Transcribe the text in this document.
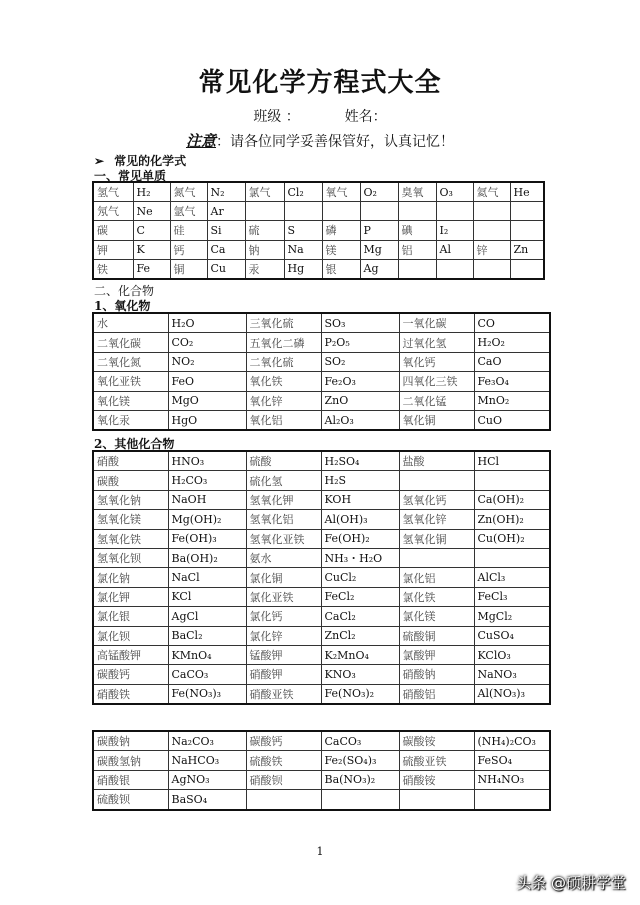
常见化学方程式大全
班级 ：	姓名：
注意：请各位同学妥善保管好，认真记忆！
➢ 常见的化学式
一、常见单质
氢气	H₂	氮气	N₂	氯气	Cl₂	氧气	O₂	臭氧	O₃	氦气	He
氖气	Ne	氩气	Ar								
碳	C	硅	Si	硫	S	磷	P	碘	I₂		
钾	K	钙	Ca	钠	Na	镁	Mg	铝	Al	锌	Zn
铁	Fe	铜	Cu	汞	Hg	银	Ag				
二、化合物
1、氧化物
水	H₂O	三氧化硫	SO₃	一氧化碳	CO
二氧化碳	CO₂	五氧化二磷	P₂O₅	过氧化氢	H₂O₂
二氧化氮	NO₂	二氧化硫	SO₂	氧化钙	CaO
氧化亚铁	FeO	氧化铁	Fe₂O₃	四氧化三铁	Fe₃O₄
氧化镁	MgO	氧化锌	ZnO	二氧化锰	MnO₂
氧化汞	HgO	氧化铝	Al₂O₃	氧化铜	CuO
2、其他化合物
硝酸	HNO₃	硫酸	H₂SO₄	盐酸	HCl
碳酸	H₂CO₃	硫化氢	H₂S		
氢氧化钠	NaOH	氢氧化钾	KOH	氢氧化钙	Ca(OH)₂
氢氧化镁	Mg(OH)₂	氢氧化铝	Al(OH)₃	氢氧化锌	Zn(OH)₂
氢氧化铁	Fe(OH)₃	氢氧化亚铁	Fe(OH)₂	氢氧化铜	Cu(OH)₂
氢氧化钡	Ba(OH)₂	氨水	NH₃・H₂O		
氯化钠	NaCl	氯化铜	CuCl₂	氯化铝	AlCl₃
氯化钾	KCl	氯化亚铁	FeCl₂	氯化铁	FeCl₃
氯化银	AgCl	氯化钙	CaCl₂	氯化镁	MgCl₂
氯化钡	BaCl₂	氯化锌	ZnCl₂	硫酸铜	CuSO₄
高锰酸钾	KMnO₄	锰酸钾	K₂MnO₄	氯酸钾	KClO₃
碳酸钙	CaCO₃	硝酸钾	KNO₃	硝酸钠	NaNO₃
硝酸铁	Fe(NO₃)₃	硝酸亚铁	Fe(NO₃)₂	硝酸铝	Al(NO₃)₃
碳酸钠	Na₂CO₃	碳酸钙	CaCO₃	碳酸铵	(NH₄)₂CO₃
碳酸氢钠	NaHCO₃	硫酸铁	Fe₂(SO₄)₃	硫酸亚铁	FeSO₄
硝酸银	AgNO₃	硝酸钡	Ba(NO₃)₂	硝酸铵	NH₄NO₃
硫酸钡	BaSO₄				
1
头条 @硕耕学堂
